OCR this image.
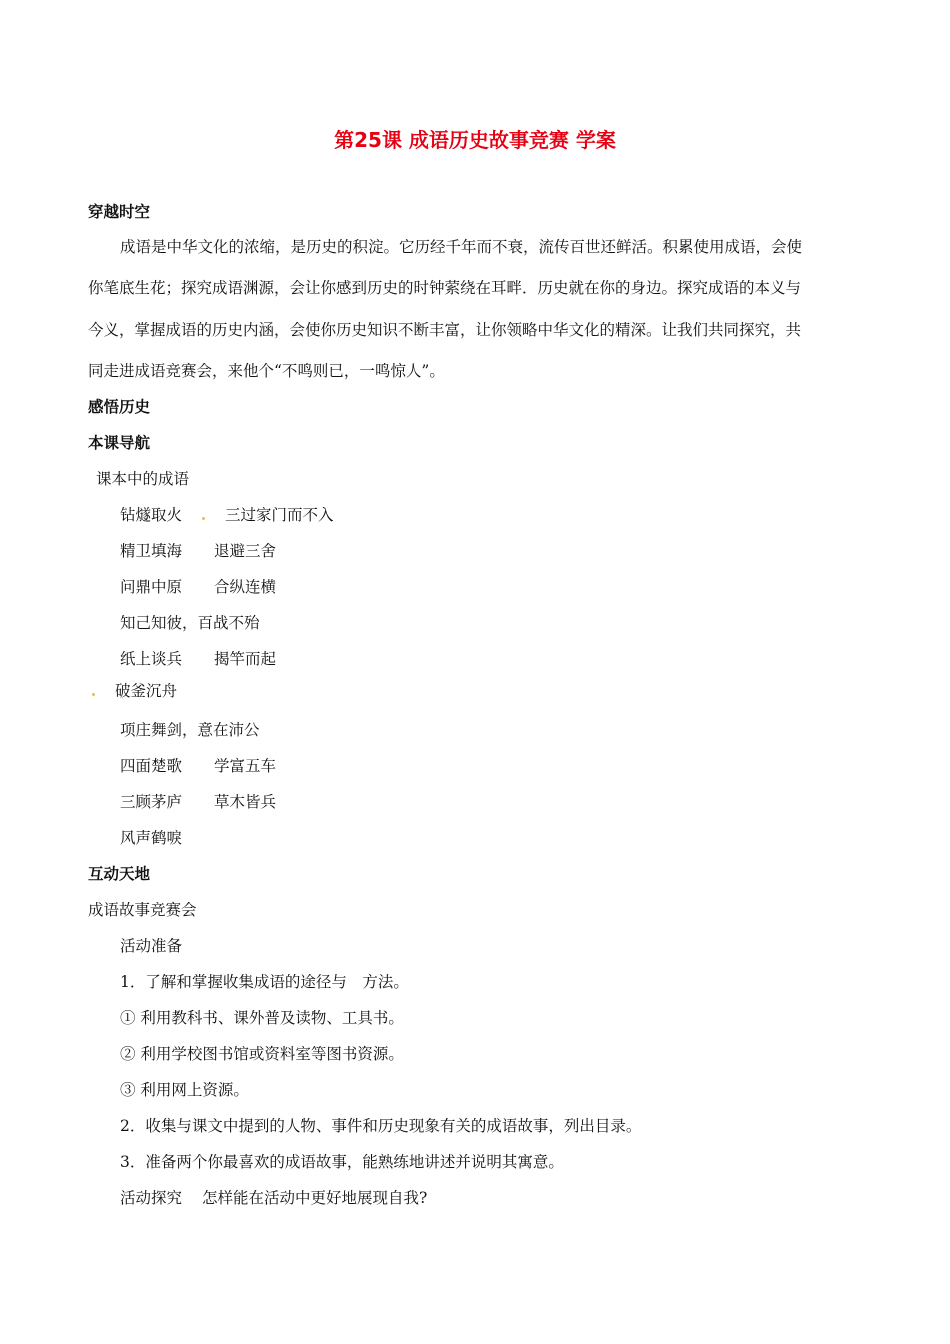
第25课 成语历史故事竞赛 学案
穿越时空
成语是中华文化的浓缩，是历史的积淀。它历经千年而不衰，流传百世还鲜活。积累使用成语，会使
你笔底生花；探究成语渊源，会让你感到历史的时钟萦绕在耳畔．历史就在你的身边。探究成语的本义与
今义，掌握成语的历史内涵，会使你历史知识不断丰富，让你领略中华文化的精深。让我们共同探究，共
同走进成语竞赛会，来他个“不鸣则已，一鸣惊人”。
感悟历史
本课导航
课本中的成语
钻燧取火	三过家门而不入
精卫填海 退避三舍
问鼎中原 合纵连横
知己知彼，百战不殆
纸上谈兵 揭竿而起
破釜沉舟
项庄舞剑，意在沛公
四面楚歌 学富五车
三顾茅庐 草木皆兵
风声鹤唳
互动天地
成语故事竞赛会
活动准备
1．了解和掌握收集成语的途径与　方法。
① 利用教科书、课外普及读物、工具书。
② 利用学校图书馆或资料室等图书资源。
③ 利用网上资源。
2．收集与课文中提到的人物、事件和历史现象有关的成语故事，列出目录。
3．准备两个你最喜欢的成语故事，能熟练地讲述并说明其寓意。
活动探究 怎样能在活动中更好地展现自我?
